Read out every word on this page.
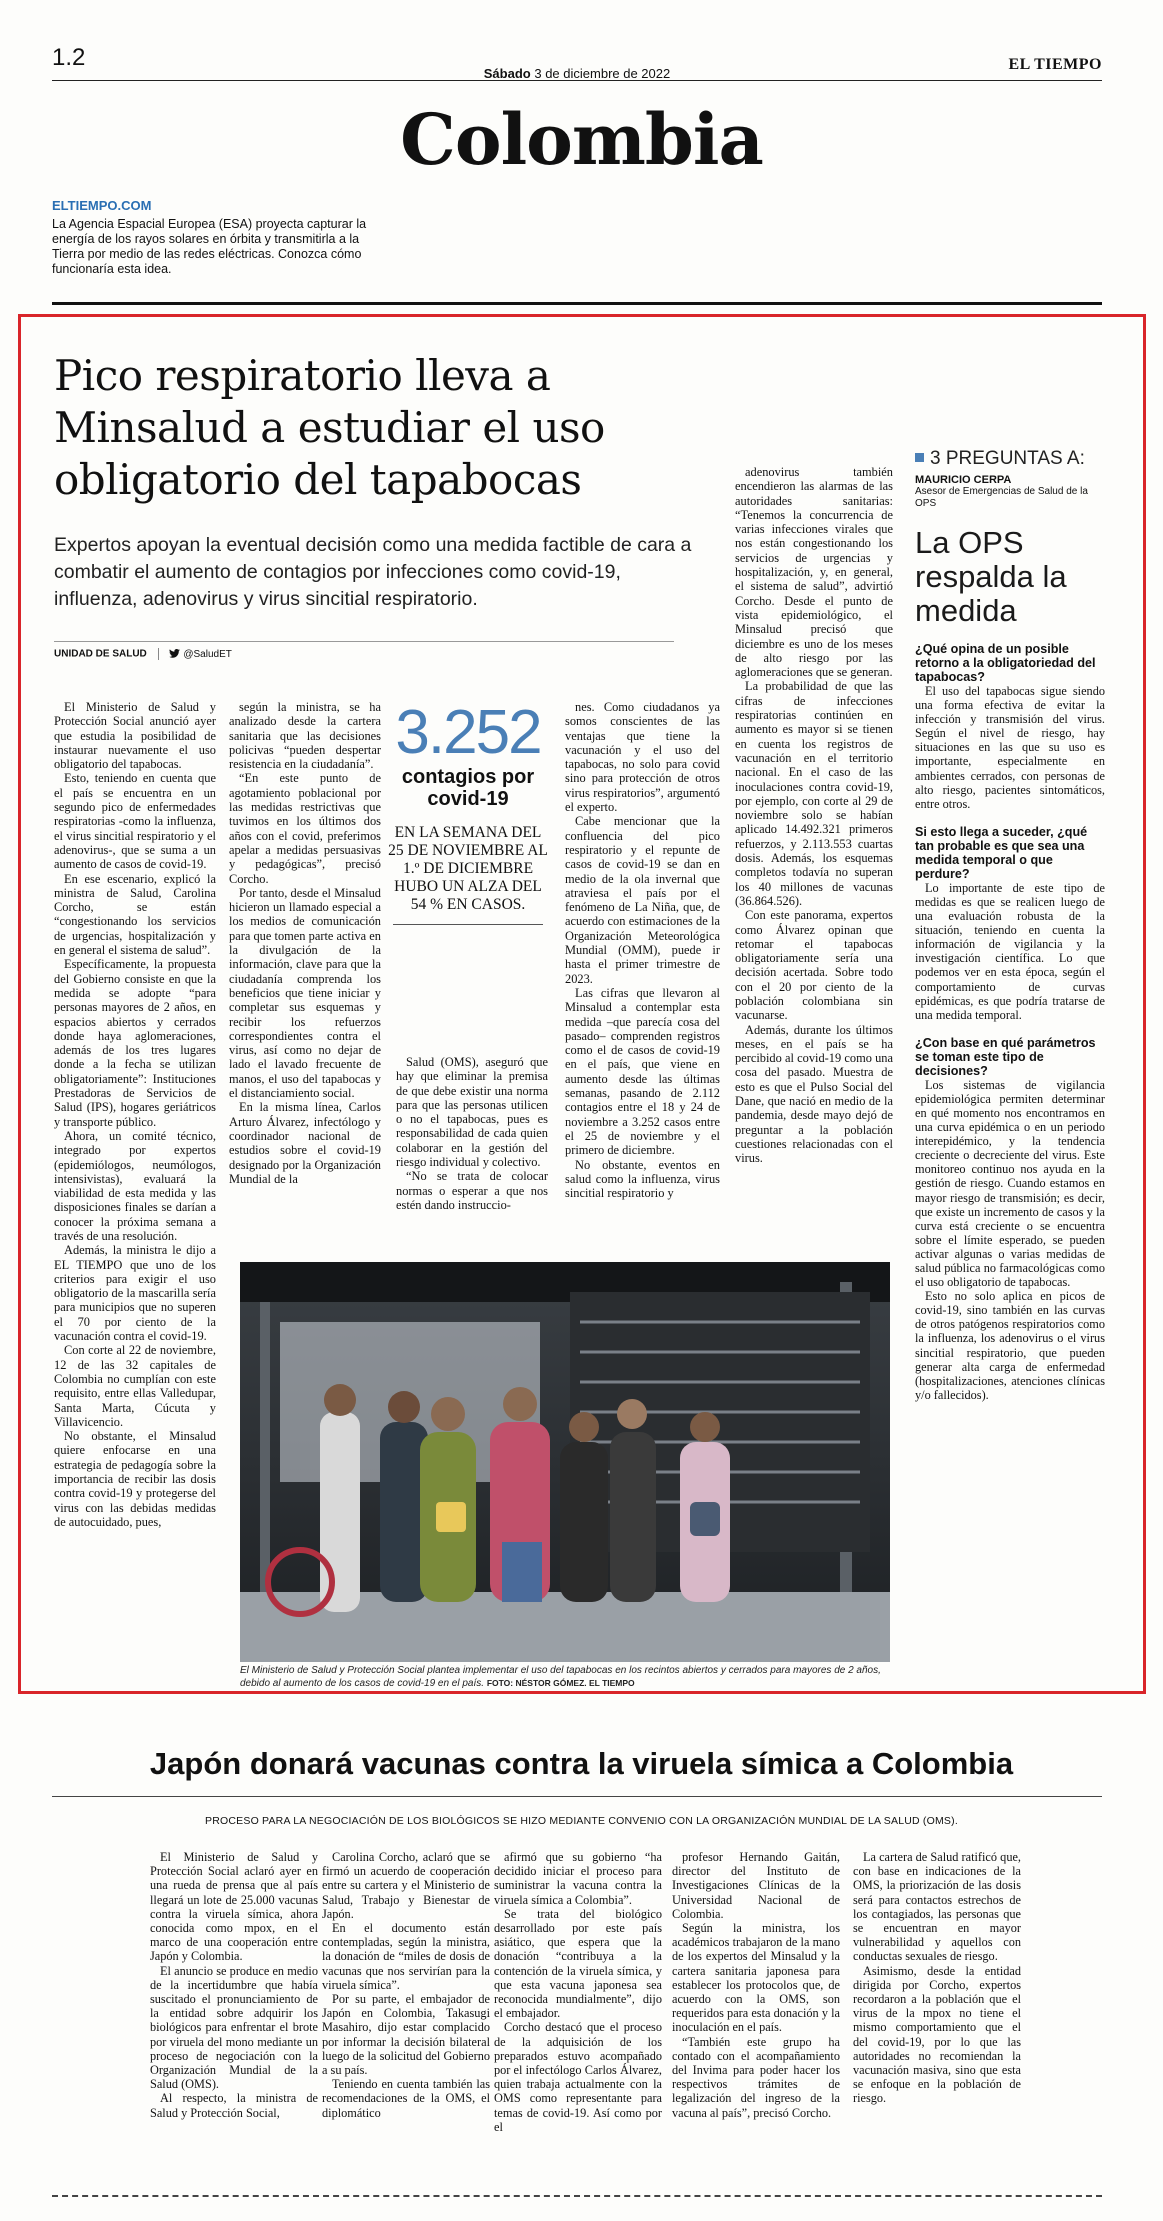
1.2
Sábado 3 de diciembre de 2022
EL TIEMPO
Colombia
ELTIEMPO.COM
La Agencia Espacial Europea (ESA) proyecta capturar la energía de los rayos solares en órbita y transmitirla a la Tierra por medio de las redes eléctricas. Conozca cómo funcionaría esta idea.
Pico respiratorio lleva a Minsalud a estudiar el uso obligatorio del tapabocas

Expertos apoyan la eventual decisión como una medida factible de cara a combatir el aumento de contagios por infecciones como covid-19, influenza, adenovirus y virus sincitial respiratorio.

UNIDAD DE SALUD	@SaludET

El Ministerio de Salud y Protección Social anunció ayer que estudia la posibilidad de instaurar nuevamente el uso obligatorio del tapabocas.

Esto, teniendo en cuenta que el país se encuentra en un segundo pico de enfermedades respiratorias -como la influenza, el virus sincitial respiratorio y el adenovirus-, que se suma a un aumento de casos de covid-19.

En ese escenario, explicó la ministra de Salud, Carolina Corcho, se están “congestionando los servicios de urgencias, hospitalización y en general el sistema de salud”.

Específicamente, la propuesta del Gobierno consiste en que la medida se adopte “para personas mayores de 2 años, en espacios abiertos y cerrados donde haya aglomeraciones, además de los tres lugares donde a la fecha se utilizan obligatoriamente”: Instituciones Prestadoras de Servicios de Salud (IPS), hogares geriátricos y transporte público.

Ahora, un comité técnico, integrado por expertos (epidemiólogos, neumólogos, intensivistas), evaluará la viabilidad de esta medida y las disposiciones finales se darían a conocer la próxima semana a través de una resolución.

Además, la ministra le dijo a EL TIEMPO que uno de los criterios para exigir el uso obligatorio de la mascarilla sería para municipios que no superen el 70 por ciento de la vacunación contra el covid-19.

Con corte al 22 de noviembre, 12 de las 32 capitales de Colombia no cumplían con este requisito, entre ellas Valledupar, Santa Marta, Cúcuta y Villavicencio.

No obstante, el Minsalud quiere enfocarse en una estrategia de pedagogía sobre la importancia de recibir las dosis contra covid-19 y protegerse del virus con las debidas medidas de autocuidado, pues,

según la ministra, se ha analizado desde la cartera sanitaria que las decisiones policivas “pueden despertar resistencia en la ciudadanía”.

“En este punto de agotamiento poblacional por las medidas restrictivas que tuvimos en los últimos dos años con el covid, preferimos apelar a medidas persuasivas y pedagógicas”, precisó Corcho.

Por tanto, desde el Minsalud hicieron un llamado especial a los medios de comunicación para que tomen parte activa en la divulgación de la información, clave para que la ciudadanía comprenda los beneficios que tiene iniciar y completar sus esquemas y recibir los refuerzos correspondientes contra el virus, así como no dejar de lado el lavado frecuente de manos, el uso del tapabocas y el distanciamiento social.

En la misma línea, Carlos Arturo Álvarez, infectólogo y coordinador nacional de estudios sobre el covid-19 designado por la Organización Mundial de la

3.252
contagios por covid-19
EN LA SEMANA DEL 25 DE NOVIEMBRE AL 1.º DE DICIEMBRE HUBO UN ALZA DEL 54 % EN CASOS.

Salud (OMS), aseguró que hay que eliminar la premisa de que debe existir una norma para que las personas utilicen o no el tapabocas, pues es responsabilidad de cada quien colaborar en la gestión del riesgo individual y colectivo.

“No se trata de colocar normas o esperar a que nos estén dando instruccio-

nes. Como ciudadanos ya somos conscientes de las ventajas que tiene la vacunación y el uso del tapabocas, no solo para covid sino para protección de otros virus respiratorios”, argumentó el experto.

Cabe mencionar que la confluencia del pico respiratorio y el repunte de casos de covid-19 se dan en medio de la ola invernal que atraviesa el país por el fenómeno de La Niña, que, de acuerdo con estimaciones de la Organización Meteorológica Mundial (OMM), puede ir hasta el primer trimestre de 2023.

Las cifras que llevaron al Minsalud a contemplar esta medida –que parecía cosa del pasado– comprenden registros como el de casos de covid-19 en el país, que viene en aumento desde las últimas semanas, pasando de 2.112 contagios entre el 18 y 24 de noviembre a 3.252 casos entre el 25 de noviembre y el primero de diciembre.

No obstante, eventos en salud como la influenza, virus sincitial respiratorio y

adenovirus también encendieron las alarmas de las autoridades sanitarias: “Tenemos la concurrencia de varias infecciones virales que nos están congestionando los servicios de urgencias y hospitalización, y, en general, el sistema de salud”, advirtió Corcho. Desde el punto de vista epidemiológico, el Minsalud precisó que diciembre es uno de los meses de alto riesgo por las aglomeraciones que se generan.

La probabilidad de que las cifras de infecciones respiratorias continúen en aumento es mayor si se tienen en cuenta los registros de vacunación en el territorio nacional. En el caso de las inoculaciones contra covid-19, por ejemplo, con corte al 29 de noviembre solo se habían aplicado 14.492.321 primeros refuerzos, y 2.113.553 cuartas dosis. Además, los esquemas completos todavía no superan los 40 millones de vacunas (36.864.526).

Con este panorama, expertos como Álvarez opinan que retomar el tapabocas obligatoriamente sería una decisión acertada. Sobre todo con el 20 por ciento de la población colombiana sin vacunarse.

Además, durante los últimos meses, en el país se ha percibido al covid-19 como una cosa del pasado. Muestra de esto es que el Pulso Social del Dane, que nació en medio de la pandemia, desde mayo dejó de preguntar a la población cuestiones relacionadas con el virus.

El Ministerio de Salud y Protección Social plantea implementar el uso del tapabocas en los recintos abiertos y cerrados para mayores de 2 años, debido al aumento de los casos de covid-19 en el país. FOTO: NÉSTOR GÓMEZ. EL TIEMPO
3 PREGUNTAS A:
MAURICIO CERPA
Asesor de Emergencias de Salud de la OPS
La OPS respalda la medida
¿Qué opina de un posible retorno a la obligatoriedad del tapabocas?

El uso del tapabocas sigue siendo una forma efectiva de evitar la infección y transmisión del virus. Según el nivel de riesgo, hay situaciones en las que su uso es importante, especialmente en ambientes cerrados, con personas de alto riesgo, pacientes sintomáticos, entre otros.

Si esto llega a suceder, ¿qué tan probable es que sea una medida temporal o que perdure?

Lo importante de este tipo de medidas es que se realicen luego de una evaluación robusta de la situación, teniendo en cuenta la información de vigilancia y la investigación científica. Lo que podemos ver en esta época, según el comportamiento de curvas epidémicas, es que podría tratarse de una medida temporal.

¿Con base en qué parámetros se toman este tipo de decisiones?

Los sistemas de vigilancia epidemiológica permiten determinar en qué momento nos encontramos en una curva epidémica o en un periodo interepidémico, y la tendencia creciente o decreciente del virus. Este monitoreo continuo nos ayuda en la gestión de riesgo. Cuando estamos en mayor riesgo de transmisión; es decir, que existe un incremento de casos y la curva está creciente o se encuentra sobre el límite esperado, se pueden activar algunas o varias medidas de salud pública no farmacológicas como el uso obligatorio de tapabocas.

Esto no solo aplica en picos de covid-19, sino también en las curvas de otros patógenos respiratorios como la influenza, los adenovirus o el virus sincitial respiratorio, que pueden generar alta carga de enfermedad (hospitalizaciones, atenciones clínicas y/o fallecidos).

Japón donará vacunas contra la viruela símica a Colombia
PROCESO PARA LA NEGOCIACIÓN DE LOS BIOLÓGICOS SE HIZO MEDIANTE CONVENIO CON LA ORGANIZACIÓN MUNDIAL DE LA SALUD (OMS).

El Ministerio de Salud y Protección Social aclaró ayer en una rueda de prensa que al país llegará un lote de 25.000 vacunas contra la viruela símica, ahora conocida como mpox, en el marco de una cooperación entre Japón y Colombia.

El anuncio se produce en medio de la incertidumbre que había suscitado el pronunciamiento de la entidad sobre adquirir los biológicos para enfrentar el brote por viruela del mono mediante un proceso de negociación con la Organización Mundial de la Salud (OMS).

Al respecto, la ministra de Salud y Protección Social,

Carolina Corcho, aclaró que se firmó un acuerdo de cooperación entre su cartera y el Ministerio de Salud, Trabajo y Bienestar de Japón.

En el documento están contempladas, según la ministra, la donación de “miles de dosis de vacunas que nos servirían para la viruela símica”.

Por su parte, el embajador de Japón en Colombia, Takasugi Masahiro, dijo estar complacido por informar la decisión bilateral luego de la solicitud del Gobierno a su país.

Teniendo en cuenta también las recomendaciones de la OMS, el diplomático

afirmó que su gobierno “ha decidido iniciar el proceso para suministrar la vacuna contra la viruela símica a Colombia”.

Se trata del biológico desarrollado por este país asiático, que espera que la donación “contribuya a la contención de la viruela símica, y que esta vacuna japonesa sea reconocida mundialmente”, dijo el embajador.

Corcho destacó que el proceso de la adquisición de los preparados estuvo acompañado por el infectólogo Carlos Álvarez, quien trabaja actualmente con la OMS como representante para temas de covid-19. Así como por el

profesor Hernando Gaitán, director del Instituto de Investigaciones Clínicas de la Universidad Nacional de Colombia.

Según la ministra, los académicos trabajaron de la mano de los expertos del Minsalud y la cartera sanitaria japonesa para establecer los protocolos que, de acuerdo con la OMS, son requeridos para esta donación y la inoculación en el país.

“También este grupo ha contado con el acompañamiento del Invima para poder hacer los respectivos trámites de legalización del ingreso de la vacuna al país”, precisó Corcho.

La cartera de Salud ratificó que, con base en indicaciones de la OMS, la priorización de las dosis será para contactos estrechos de los contagiados, las personas que se encuentran en mayor vulnerabilidad y aquellos con conductas sexuales de riesgo.

Asimismo, desde la entidad dirigida por Corcho, expertos recordaron a la población que el virus de la mpox no tiene el mismo comportamiento que el del covid-19, por lo que las autoridades no recomiendan la vacunación masiva, sino que esta se enfoque en la población de riesgo.
